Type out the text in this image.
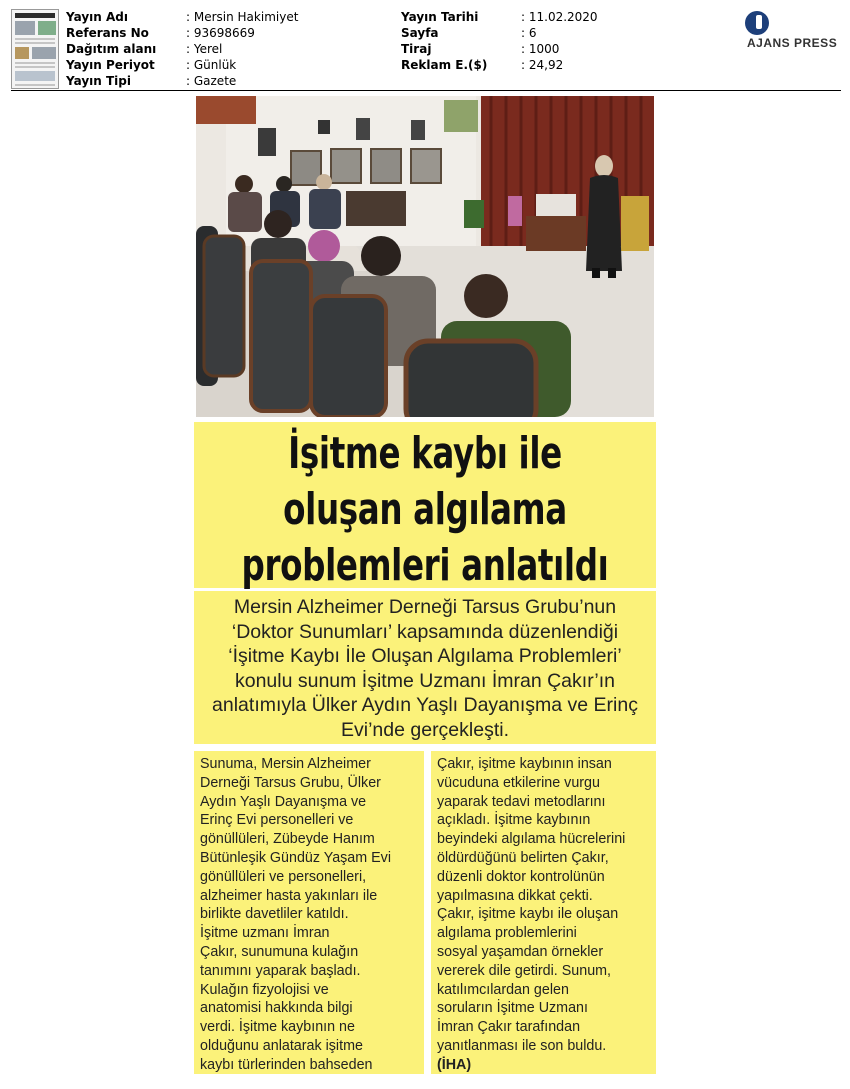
Yayın Adı	: Mersin Hakimiyet
Referans No	: 93698669
Dağıtım alanı	: Yerel
Yayın Periyot	: Günlük
Yayın Tipi	: Gazete
Yayın Tarihi	: 11.02.2020
Sayfa	: 6
Tiraj	: 1000
Reklam E.($)	: 24,92
AJANS PRESS
İşitme kaybı ile
oluşan algılama
problemleri anlatıldı

Mersin Alzheimer Derneği Tarsus Grubu’nun ‘Doktor Sunumları’ kapsamında düzenlendiği ‘İşitme Kaybı İle Oluşan Algılama Problemleri’ konulu sunum İşitme Uzmanı İmran Çakır’ın anlatımıyla Ülker Aydın Yaşlı Dayanışma ve Erinç Evi’nde gerçekleşti.

Sunuma, Mersin Alzheimer
Derneği Tarsus Grubu, Ülker
Aydın Yaşlı Dayanışma ve
Erinç Evi personelleri ve
gönüllüleri, Zübeyde Hanım
Bütünleşik Gündüz Yaşam Evi
gönüllüleri ve personelleri,
alzheimer hasta yakınları ile
birlikte davetliler katıldı.
İşitme uzmanı İmran
Çakır, sunumuna kulağın
tanımını yaparak başladı.
Kulağın fizyolojisi ve
anatomisi hakkında bilgi
verdi. İşitme kaybının ne
olduğunu anlatarak işitme
kaybı türlerinden bahseden

Çakır, işitme kaybının insan
vücuduna etkilerine vurgu
yaparak tedavi metodlarını
açıkladı. İşitme kaybının
beyindeki algılama hücrelerini
öldürdüğünü belirten Çakır,
düzenli doktor kontrolünün
yapılmasına dikkat çekti.
Çakır, işitme kaybı ile oluşan
algılama problemlerini
sosyal yaşamdan örnekler
vererek dile getirdi. Sunum,
katılımcılardan gelen
soruların İşitme Uzmanı
İmran Çakır tarafından
yanıtlanması ile son buldu.

(İHA)
